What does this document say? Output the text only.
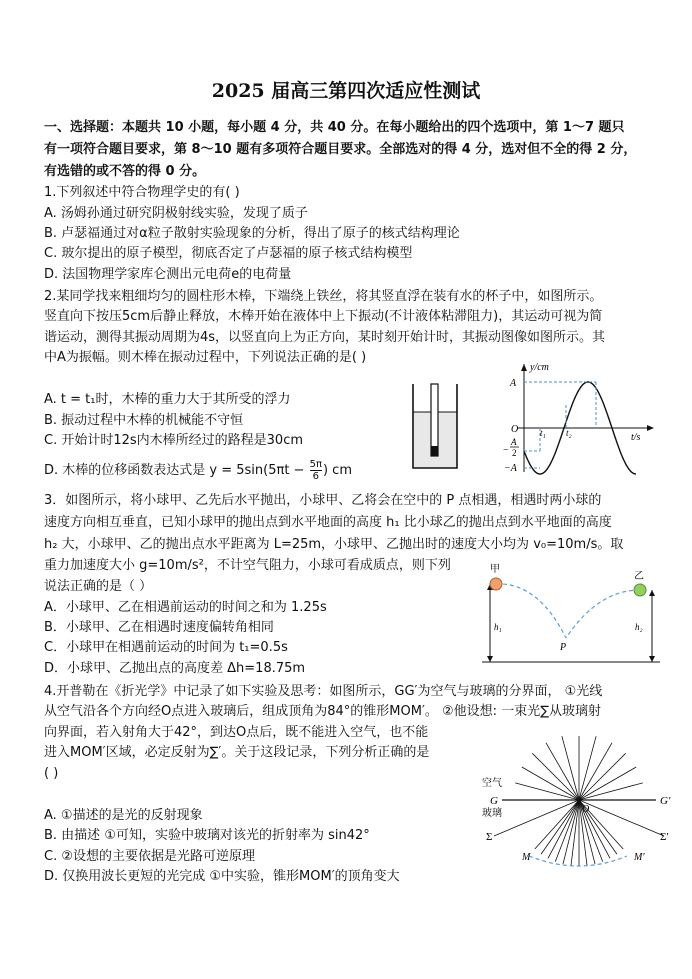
2025 届高三第四次适应性测试
一、选择题：本题共 10 小题，每小题 4 分，共 40 分。在每小题给出的四个选项中，第 1～7 题只
有一项符合题目要求，第 8～10 题有多项符合题目要求。全部选对的得 4 分，选对但不全的得 2 分，
有选错的或不答的得 0 分。
1.下列叙述中符合物理学史的有( )
A. 汤姆孙通过研究阴极射线实验，发现了质子
B. 卢瑟福通过对α粒子散射实验现象的分析，得出了原子的核式结构理论
C. 玻尔提出的原子模型，彻底否定了卢瑟福的原子核式结构模型
D. 法国物理学家库仑测出元电荷e的电荷量
2.某同学找来粗细均匀的圆柱形木棒，下端绕上铁丝，将其竖直浮在装有水的杯子中，如图所示。
竖直向下按压5cm后静止释放，木棒开始在液体中上下振动(不计液体粘滞阻力)，其运动可视为简
谐运动，测得其振动周期为4s，以竖直向上为正方向，某时刻开始计时，其振动图像如图所示。其
中A为振幅。则木棒在振动过程中，下列说法正确的是( )
A. t = t₁时，木棒的重力大于其所受的浮力
B. 振动过程中木棒的机械能不守恒
C. 开始计时12s内木棒所经过的路程是30cm
D. 木棒的位移函数表达式是 $y = 5\sin(5\pi t - \frac{5\pi}{6}$ ) cm
y/cm
t/s
O
A
−A
−
A
2
t₁ t₂
3．如图所示，将小球甲、乙先后水平抛出，小球甲、乙将会在空中的 P 点相遇，相遇时两小球的
速度方向相互垂直，已知小球甲的抛出点到水平地面的高度 h₁ 比小球乙的抛出点到水平地面的高度
h₂ 大，小球甲、乙的抛出点水平距离为 L=25m，小球甲、乙抛出时的速度大小均为 v₀=10m/s。取
重力加速度大小 g=10m/s²，不计空气阻力，小球可看成质点，则下列
说法正确的是（ ）
A．小球甲、乙在相遇前运动的时间之和为 1.25s
B．小球甲、乙在相遇时速度偏转角相同
C．小球甲在相遇前运动的时间为 t₁=0.5s
D．小球甲、乙抛出点的高度差 Δh=18.75m
甲
乙
h₁	h₂
P
4.开普勒在《折光学》中记录了如下实验及思考：如图所示，GG′为空气与玻璃的分界面， ①光线
从空气沿各个方向经O点进入玻璃后，组成顶角为84°的锥形MOM′。 ②他设想: 一束光∑从玻璃射
向界面，若入射角大于42°，到达O点后，既不能进入空气，也不能
进入MOM′区域，必定反射为∑′。关于这段记录，下列分析正确的是
( )
A. ①描述的是光的反射现象
B. 由描述 ①可知，实验中玻璃对该光的折射率为 sin42°
C. ②设想的主要依据是光路可逆原理
D. 仅换用波长更短的光完成 ①中实验，锥形MOM′的顶角变大
空气
玻璃
G	G′
O
Σ	Σ′
M	M′
